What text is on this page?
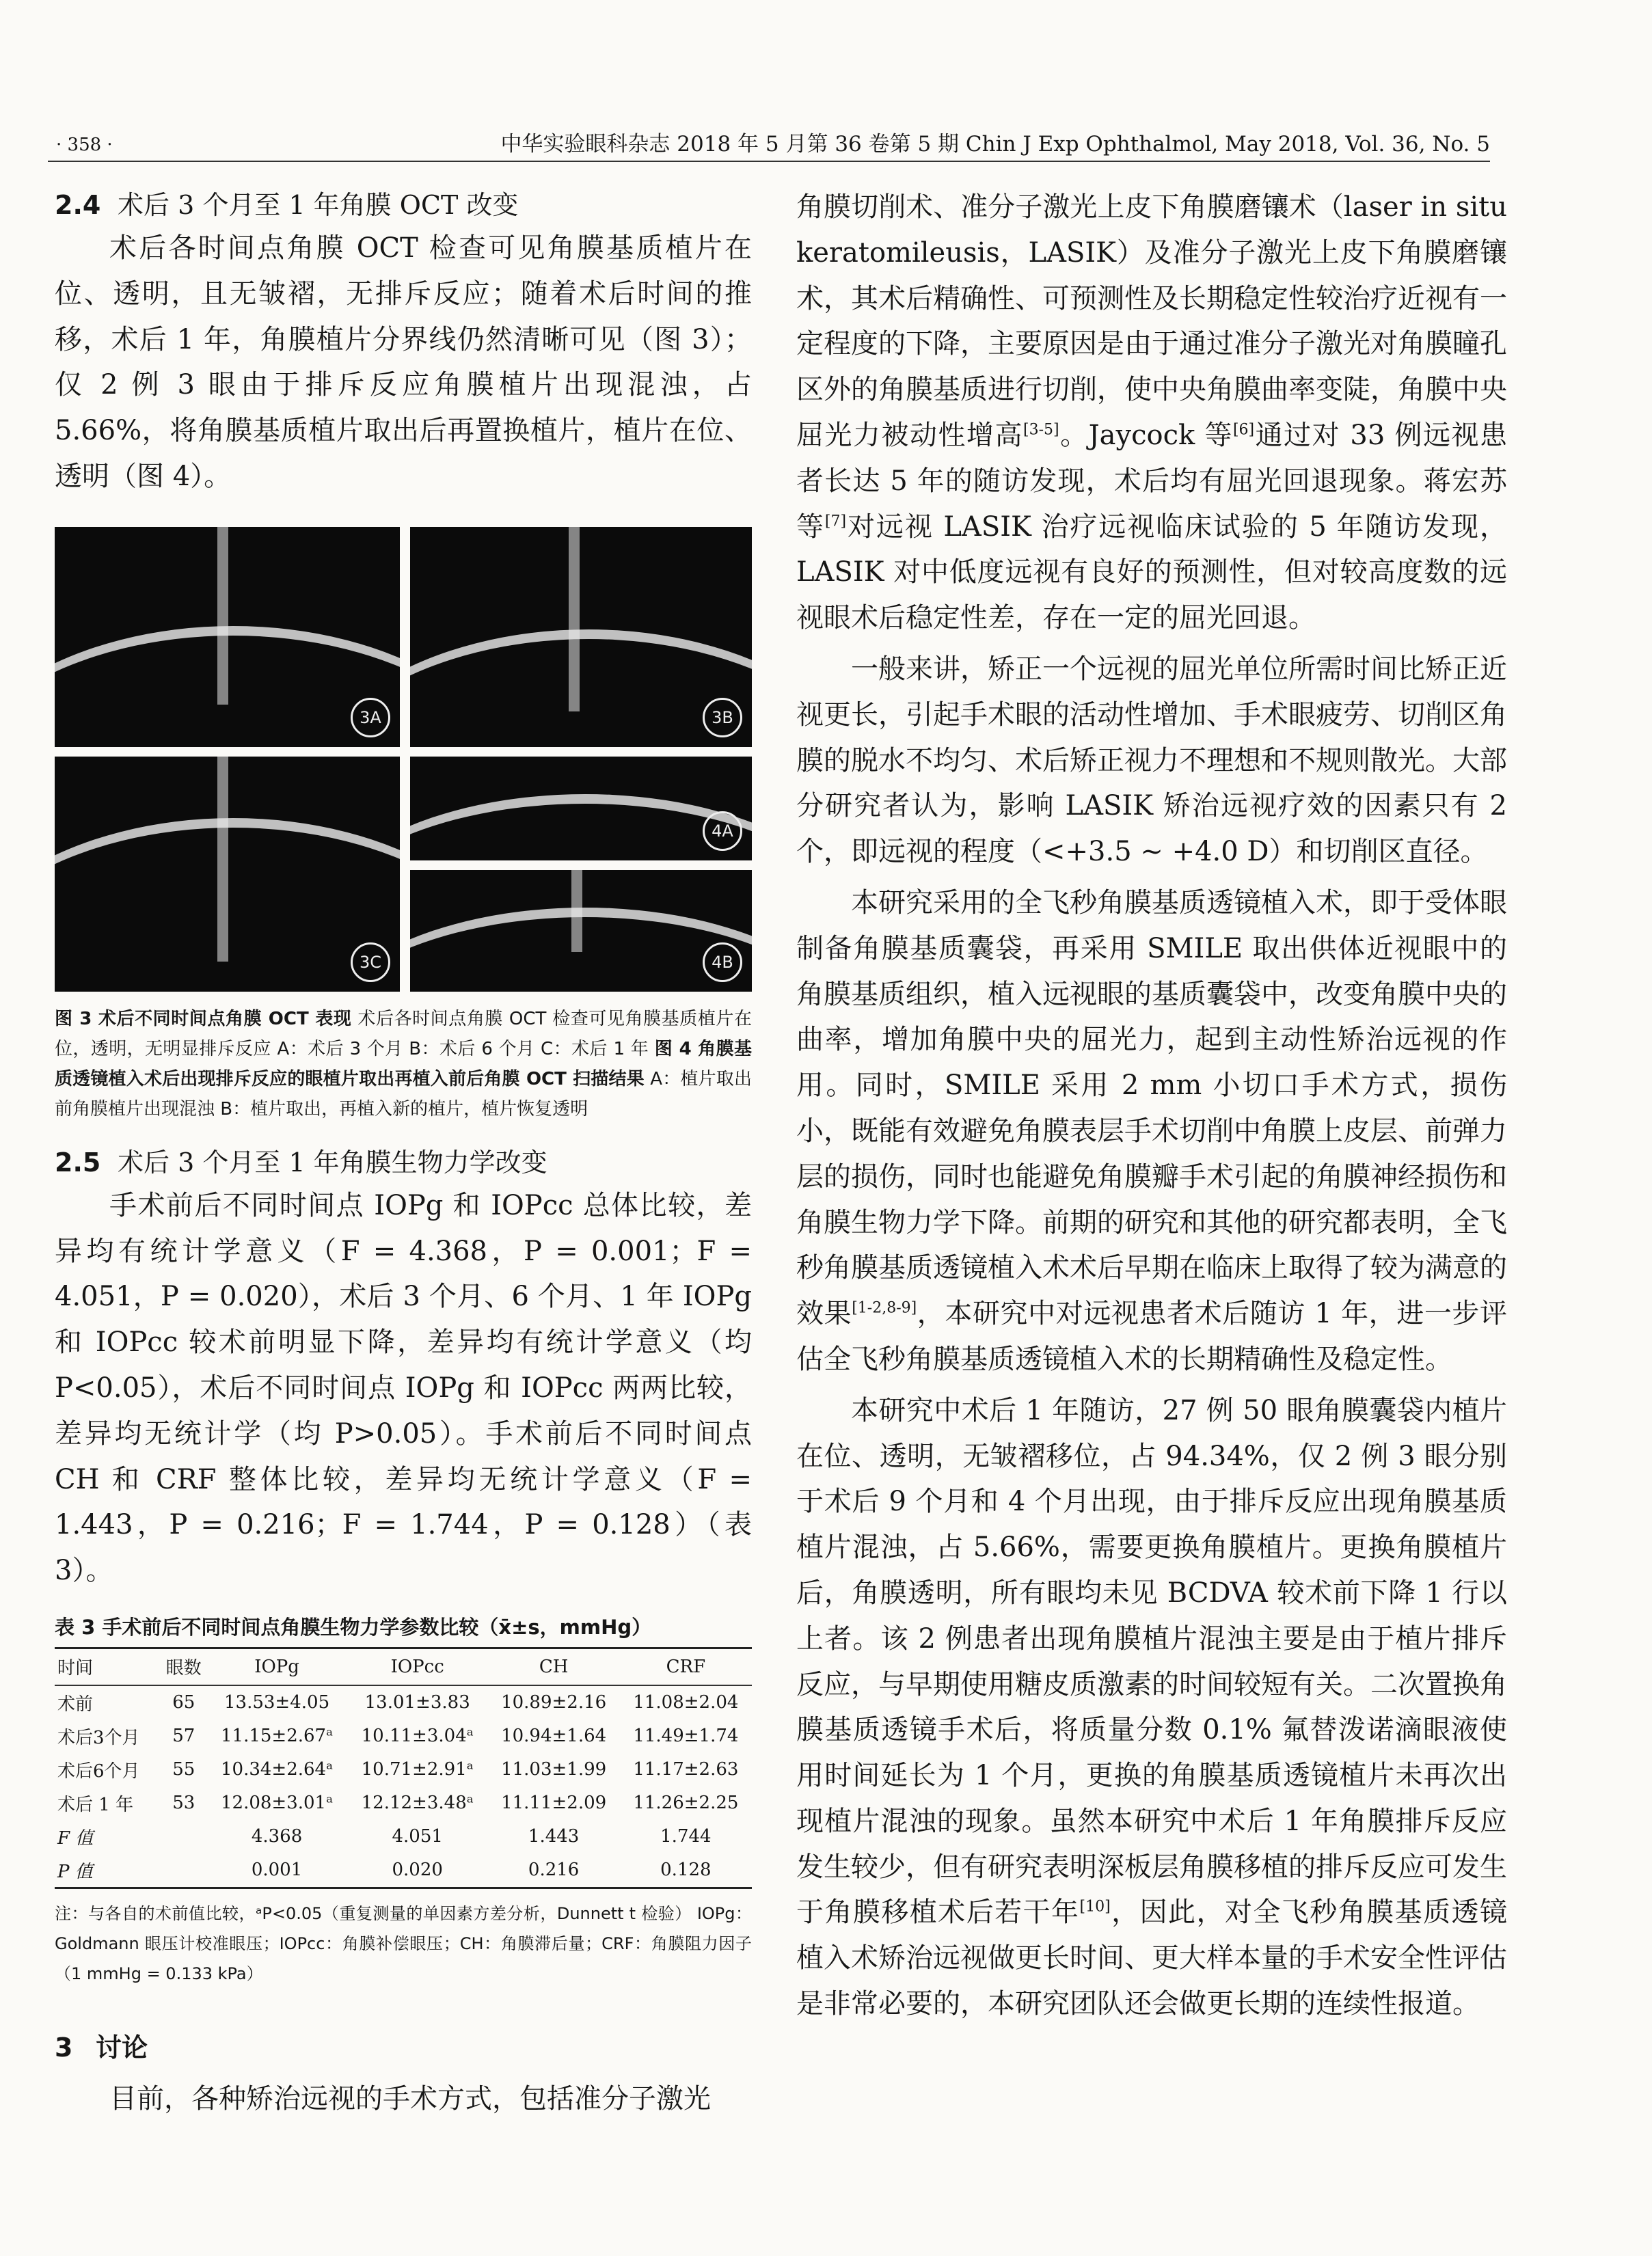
· 358 ·	中华实验眼科杂志 2018 年 5 月第 36 卷第 5 期 Chin J Exp Ophthalmol, May 2018, Vol. 36, No. 5
2.4 术后 3 个月至 1 年角膜 OCT 改变

术后各时间点角膜 OCT 检查可见角膜基质植片在位、透明，且无皱褶，无排斥反应；随着术后时间的推移，术后 1 年，角膜植片分界线仍然清晰可见（图 3）；仅 2 例 3 眼由于排斥反应角膜植片出现混浊，占 5.66%，将角膜基质植片取出后再置换植片，植片在位、透明（图 4）。

3A	3B
3C
4A
4B
图 3 术后不同时间点角膜 OCT 表现 术后各时间点角膜 OCT 检查可见角膜基质植片在位，透明，无明显排斥反应 A：术后 3 个月 B：术后 6 个月 C：术后 1 年 图 4 角膜基质透镜植入术后出现排斥反应的眼植片取出再植入前后角膜 OCT 扫描结果 A：植片取出前角膜植片出现混浊 B：植片取出，再植入新的植片，植片恢复透明
2.5 术后 3 个月至 1 年角膜生物力学改变

手术前后不同时间点 IOPg 和 IOPcc 总体比较，差异均有统计学意义（F = 4.368，P = 0.001；F = 4.051，P = 0.020），术后 3 个月、6 个月、1 年 IOPg 和 IOPcc 较术前明显下降，差异均有统计学意义（均 P<0.05），术后不同时间点 IOPg 和 IOPcc 两两比较，差异均无统计学（均 P>0.05）。手术前后不同时间点 CH 和 CRF 整体比较，差异均无统计学意义（F = 1.443，P = 0.216；F = 1.744，P = 0.128）（表 3）。

表 3 手术前后不同时间点角膜生物力学参数比较（x̄±s，mmHg）
时间	眼数	IOPg	IOPcc	CH	CRF
术前	65	13.53±4.05	13.01±3.83	10.89±2.16	11.08±2.04
术后3个月	57	11.15±2.67ᵃ	10.11±3.04ᵃ	10.94±1.64	11.49±1.74
术后6个月	55	10.34±2.64ᵃ	10.71±2.91ᵃ	11.03±1.99	11.17±2.63
术后 1 年	53	12.08±3.01ᵃ	12.12±3.48ᵃ	11.11±2.09	11.26±2.25
F 值		4.368	4.051	1.443	1.744
P 值		0.001	0.020	0.216	0.128
注：与各自的术前值比较，ᵃP<0.05（重复测量的单因素方差分析，Dunnett t 检验） IOPg：Goldmann 眼压计校准眼压；IOPcc：角膜补偿眼压；CH：角膜滞后量；CRF：角膜阻力因子（1 mmHg = 0.133 kPa）
3 讨论

目前，各种矫治远视的手术方式，包括准分子激光

角膜切削术、准分子激光上皮下角膜磨镶术（laser in situ keratomileusis，LASIK）及准分子激光上皮下角膜磨镶术，其术后精确性、可预测性及长期稳定性较治疗近视有一定程度的下降，主要原因是由于通过准分子激光对角膜瞳孔区外的角膜基质进行切削，使中央角膜曲率变陡，角膜中央屈光力被动性增高[3-5]。Jaycock 等[6]通过对 33 例远视患者长达 5 年的随访发现，术后均有屈光回退现象。蒋宏苏等[7]对远视 LASIK 治疗远视临床试验的 5 年随访发现，LASIK 对中低度远视有良好的预测性，但对较高度数的远视眼术后稳定性差，存在一定的屈光回退。

一般来讲，矫正一个远视的屈光单位所需时间比矫正近视更长，引起手术眼的活动性增加、手术眼疲劳、切削区角膜的脱水不均匀、术后矫正视力不理想和不规则散光。大部分研究者认为，影响 LASIK 矫治远视疗效的因素只有 2 个，即远视的程度（<+3.5 ~ +4.0 D）和切削区直径。

本研究采用的全飞秒角膜基质透镜植入术，即于受体眼制备角膜基质囊袋，再采用 SMILE 取出供体近视眼中的角膜基质组织，植入远视眼的基质囊袋中，改变角膜中央的曲率，增加角膜中央的屈光力，起到主动性矫治远视的作用。同时，SMILE 采用 2 mm 小切口手术方式，损伤小，既能有效避免角膜表层手术切削中角膜上皮层、前弹力层的损伤，同时也能避免角膜瓣手术引起的角膜神经损伤和角膜生物力学下降。前期的研究和其他的研究都表明，全飞秒角膜基质透镜植入术术后早期在临床上取得了较为满意的效果[1-2,8-9]，本研究中对远视患者术后随访 1 年，进一步评估全飞秒角膜基质透镜植入术的长期精确性及稳定性。

本研究中术后 1 年随访，27 例 50 眼角膜囊袋内植片在位、透明，无皱褶移位，占 94.34%，仅 2 例 3 眼分别于术后 9 个月和 4 个月出现，由于排斥反应出现角膜基质植片混浊，占 5.66%，需要更换角膜植片。更换角膜植片后，角膜透明，所有眼均未见 BCDVA 较术前下降 1 行以上者。该 2 例患者出现角膜植片混浊主要是由于植片排斥反应，与早期使用糖皮质激素的时间较短有关。二次置换角膜基质透镜手术后，将质量分数 0.1% 氟替泼诺滴眼液使用时间延长为 1 个月，更换的角膜基质透镜植片未再次出现植片混浊的现象。虽然本研究中术后 1 年角膜排斥反应发生较少，但有研究表明深板层角膜移植的排斥反应可发生于角膜移植术后若干年[10]，因此，对全飞秒角膜基质透镜植入术矫治远视做更长时间、更大样本量的手术安全性评估是非常必要的，本研究团队还会做更长期的连续性报道。
